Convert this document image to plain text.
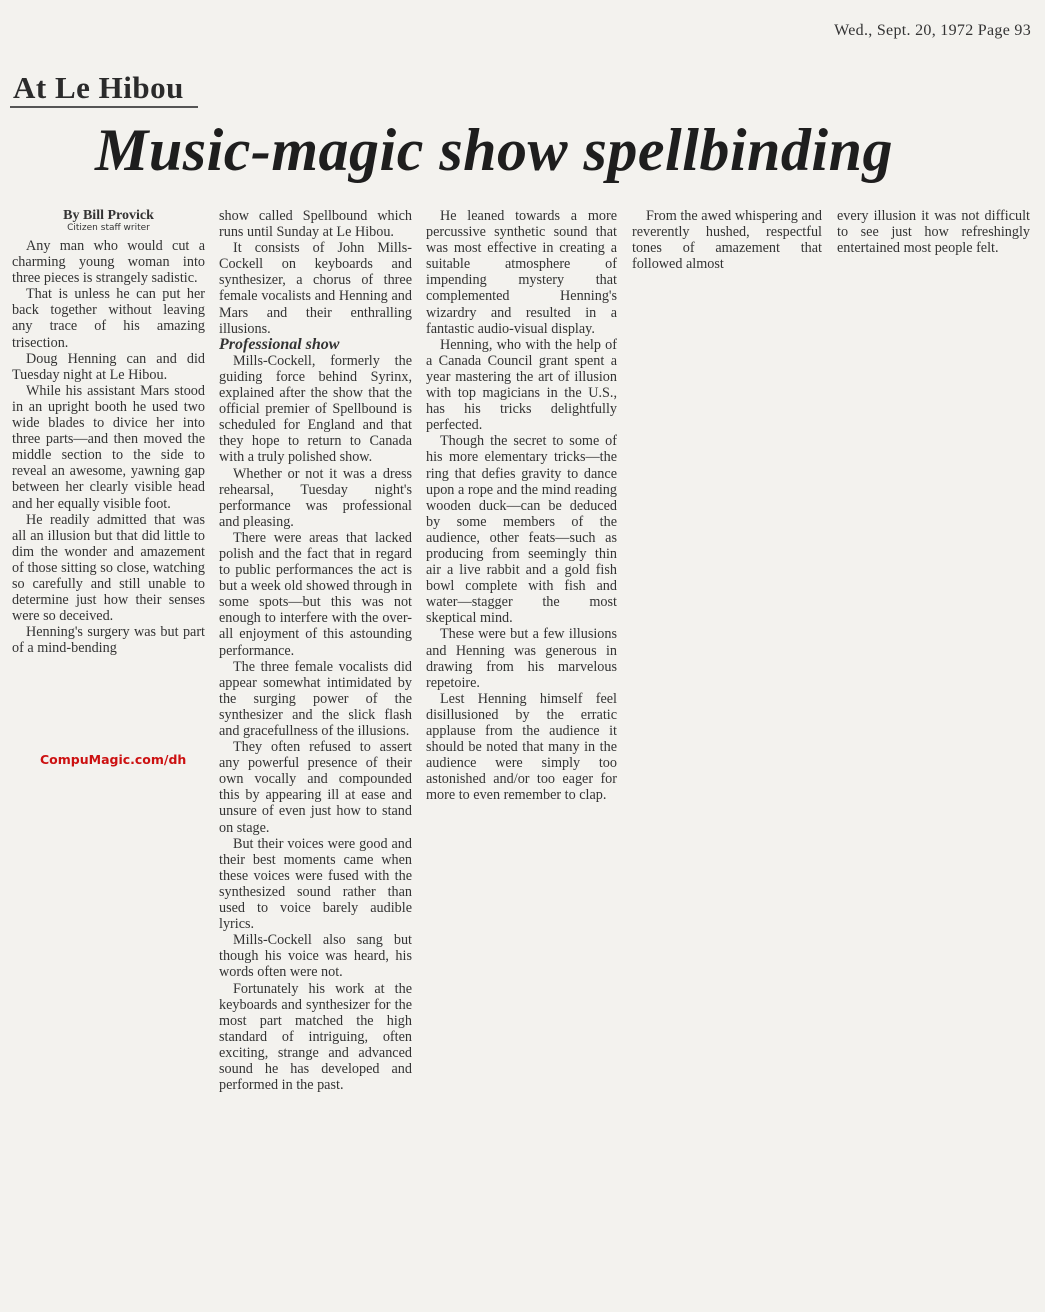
Wed., Sept. 20, 1972 Page 93
At Le Hibou
Music-magic show spellbinding
By Bill Provick
Citizen staff writer

Any man who would cut a charming young woman into three pieces is strangely sadistic.

That is unless he can put her back together without leaving any trace of his amazing trisection.

Doug Henning can and did Tuesday night at Le Hibou.

While his assistant Mars stood in an upright booth he used two wide blades to divice her into three parts—and then moved the middle section to the side to reveal an awesome, yawning gap between her clearly visible head and her equally visible foot.

He readily admitted that was all an illusion but that did little to dim the wonder and amazement of those sitting so close, watching so carefully and still unable to determine just how their senses were so deceived.

Henning's surgery was but part of a mind-bending

CompuMagic.com/dh

show called Spellbound which runs until Sunday at Le Hibou.

It consists of John Mills-Cockell on keyboards and synthesizer, a chorus of three female vocalists and Henning and Mars and their enthralling illusions.

Professional show

Mills-Cockell, formerly the guiding force behind Syrinx, explained after the show that the official premier of Spellbound is scheduled for England and that they hope to return to Canada with a truly polished show.

Whether or not it was a dress rehearsal, Tuesday night's performance was professional and pleasing.

There were areas that lacked polish and the fact that in regard to public performances the act is but a week old showed through in some spots—but this was not enough to interfere with the over-all enjoyment of this astounding performance.

The three female vocalists did appear somewhat intimidated by the surging power of the synthesizer and the slick flash and gracefullness of the illusions.

They often refused to assert any powerful presence of their own vocally and compounded this by appearing ill at ease and unsure of even just how to stand on stage.

But their voices were good and their best moments came when these voices were fused with the synthesized sound rather than used to voice barely audible lyrics.

Mills-Cockell also sang but though his voice was heard, his words often were not.

Fortunately his work at the keyboards and synthesizer for the most part matched the high standard of intriguing, often exciting, strange and advanced sound he has developed and performed in the past.

He leaned towards a more percussive synthetic sound that was most effective in creating a suitable atmosphere of impending mystery that complemented Henning's wizardry and resulted in a fantastic audio-visual display.

Henning, who with the help of a Canada Council grant spent a year mastering the art of illusion with top magicians in the U.S., has his tricks delightfully perfected.

Though the secret to some of his more elementary tricks—the ring that defies gravity to dance upon a rope and the mind reading wooden duck—can be deduced by some members of the audience, other feats—such as producing from seemingly thin air a live rabbit and a gold fish bowl complete with fish and water—stagger the most skeptical mind.

These were but a few illusions and Henning was generous in drawing from his marvelous repetoire.

Lest Henning himself feel disillusioned by the erratic applause from the audience it should be noted that many in the audience were simply too astonished and/or too eager for more to even remember to clap.

From the awed whispering and reverently hushed, respectful tones of amazement that followed almost

every illusion it was not difficult to see just how refreshingly entertained most people felt.
